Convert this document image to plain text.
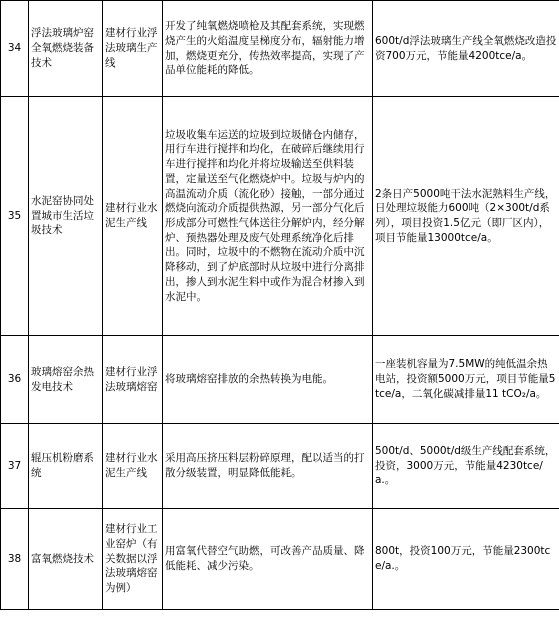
34	浮法玻璃炉窑全氧燃烧装备技术	建材行业浮法玻璃生产线	开发了纯氧燃烧喷枪及其配套系统，实现燃烧产生的火焰温度呈梯度分布，辐射能力增加，燃烧更充分，传热效率提高，实现了产品单位能耗的降低。	600t/d浮法玻璃生产线全氧燃烧改造投资700万元，节能量4200tce/a。
35	水泥窑协同处置城市生活垃圾技术	建材行业水泥生产线	垃圾收集车运送的垃圾到垃圾储仓内储存，用行车进行搅拌和均化，在破碎后继续用行车进行搅拌和均化并将垃圾输送至供料装置，定量送至气化燃烧炉中。垃圾与炉内的高温流动介质（流化砂）接触，一部分通过燃烧向流动介质提供热源，另一部分气化后形成部分可燃性气体送往分解炉内，经分解炉、预热器处理及废气处理系统净化后排出。同时，垃圾中的不燃物在流动介质中沉降移动，到了炉底部时从垃圾中进行分离排出，掺人到水泥生料中或作为混合材掺入到水泥中。	2条日产5000吨干法水泥熟料生产线，日处理垃圾能力600吨（2×300t/d系列），项目投资1.5亿元（即厂区内），项目节能量13000tce/a。
36	玻璃熔窑余热发电技术	建材行业浮法玻璃熔窑	将玻璃熔窑排放的余热转换为电能。	一座装机容量为7.5MW的纯低温余热电站，投资额5000万元，项目节能量5 tce/a，二氧化碳减排量11 tCO₂/a。
37	辊压机粉磨系统	建材行业水泥生产线	采用高压挤压料层粉碎原理，配以适当的打散分级装置，明显降低能耗。	500t/d、5000t/d级生产线配套系统，投资，3000万元，节能量4230tce/a.。
38	富氧燃烧技术	建材行业工业窑炉（有关数据以浮法玻璃熔窑为例）	用富氧代替空气助燃，可改善产品质量、降低能耗、减少污染。	800t，投资100万元，节能量2300tce/a.。
